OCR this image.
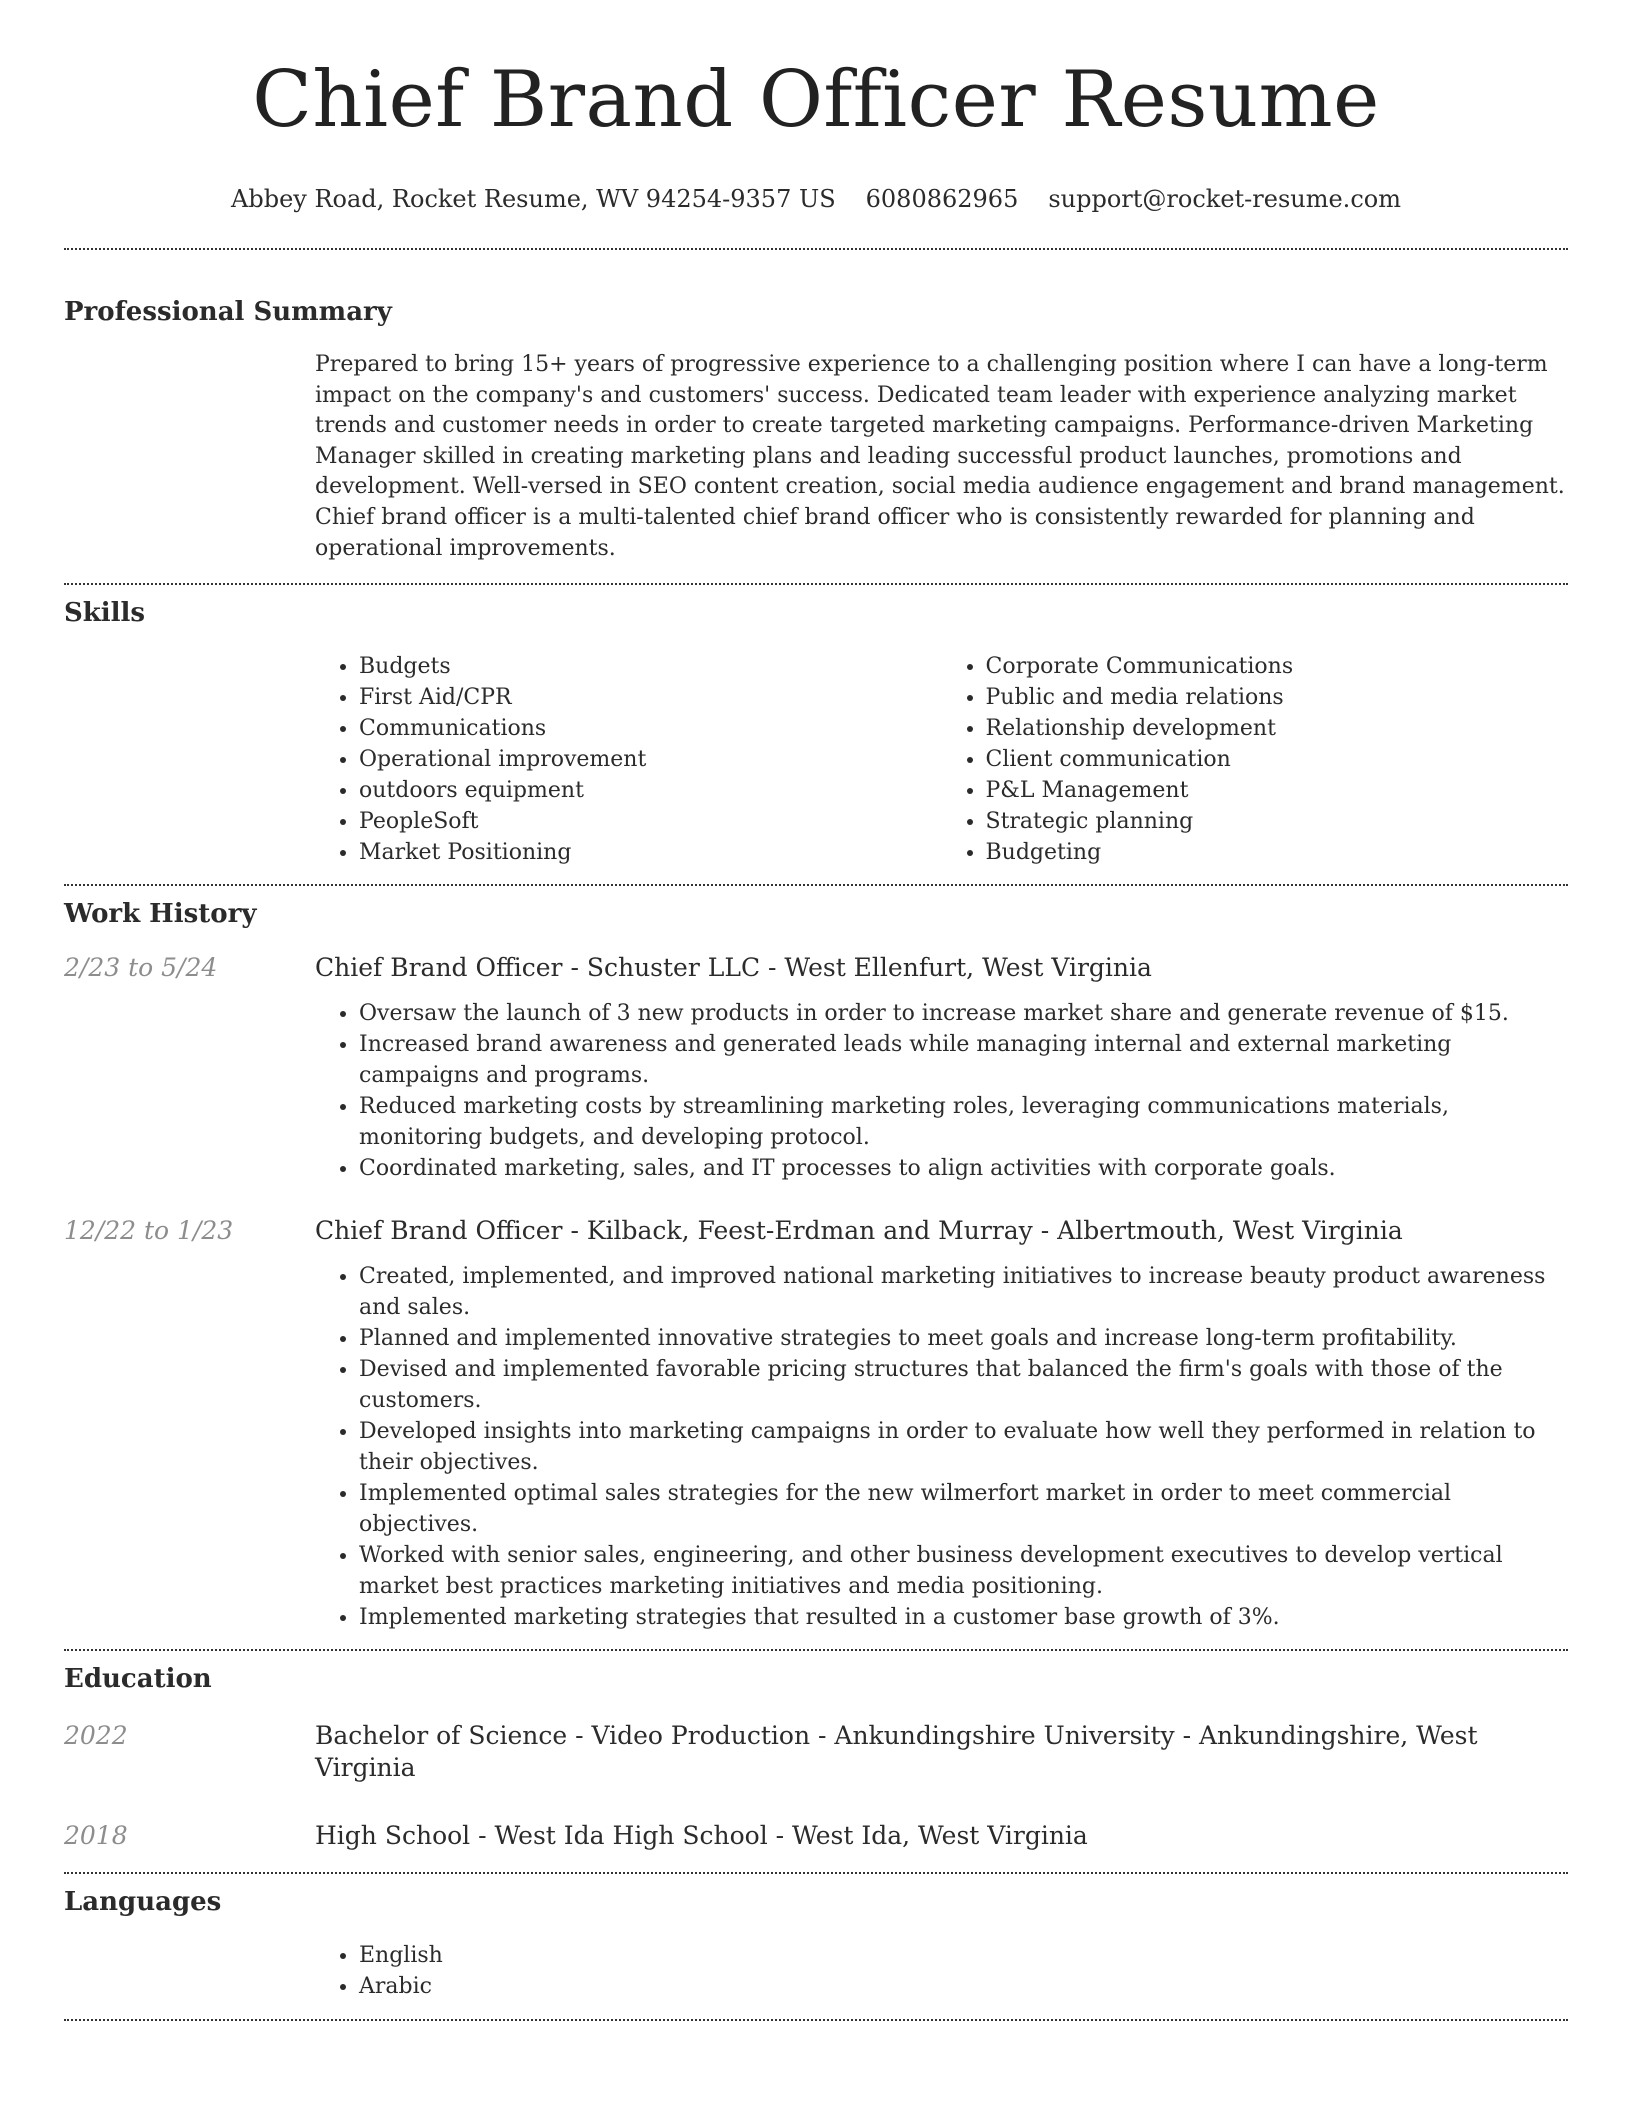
Chief Brand Officer Resume
Abbey Road, Rocket Resume, WV 94254-9357 US 6080862965 support@rocket-resume.com
Professional Summary
Prepared to bring 15+ years of progressive experience to a challenging position where I can have a long-term impact on the company's and customers' success. Dedicated team leader with experience analyzing market trends and customer needs in order to create targeted marketing campaigns. Performance-driven Marketing Manager skilled in creating marketing plans and leading successful product launches, promotions and development. Well-versed in SEO content creation, social media audience engagement and brand management. Chief brand officer is a multi-talented chief brand officer who is consistently rewarded for planning and operational improvements.
Skills
• Budgets
• First Aid/CPR
• Communications
• Operational improvement
• outdoors equipment
• PeopleSoft
• Market Positioning
• Corporate Communications
• Public and media relations
• Relationship development
• Client communication
• P&L Management
• Strategic planning
• Budgeting
Work History
2/23 to 5/24	Chief Brand Officer - Schuster LLC - West Ellenfurt, West Virginia
• Oversaw the launch of 3 new products in order to increase market share and generate revenue of $15.
• Increased brand awareness and generated leads while managing internal and external marketing campaigns and programs.
• Reduced marketing costs by streamlining marketing roles, leveraging communications materials, monitoring budgets, and developing protocol.
• Coordinated marketing, sales, and IT processes to align activities with corporate goals.
12/22 to 1/23	Chief Brand Officer - Kilback, Feest-Erdman and Murray - Albertmouth, West Virginia
• Created, implemented, and improved national marketing initiatives to increase beauty product awareness and sales.
• Planned and implemented innovative strategies to meet goals and increase long-term profitability.
• Devised and implemented favorable pricing structures that balanced the firm's goals with those of the customers.
• Developed insights into marketing campaigns in order to evaluate how well they performed in relation to their objectives.
• Implemented optimal sales strategies for the new wilmerfort market in order to meet commercial objectives.
• Worked with senior sales, engineering, and other business development executives to develop vertical market best practices marketing initiatives and media positioning.
• Implemented marketing strategies that resulted in a customer base growth of 3%.
Education
2022	Bachelor of Science - Video Production - Ankundingshire University - Ankundingshire, West Virginia
2018	High School - West Ida High School - West Ida, West Virginia
Languages
• English
• Arabic
